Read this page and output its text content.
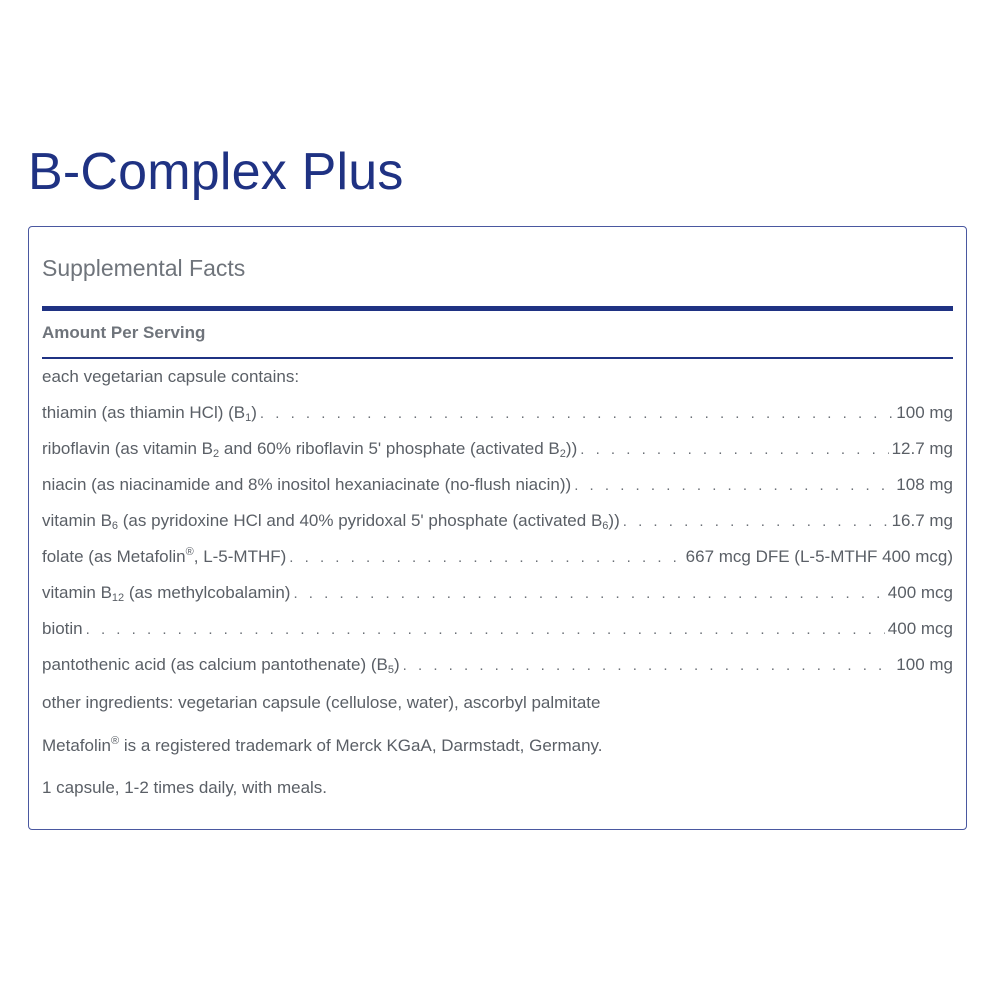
B-Complex Plus
Supplemental Facts
Amount Per Serving
each vegetarian capsule contains:
thiamin (as thiamin HCl) $(B_1)$ . . .	100 mg
riboflavin (as vitamin $B_2$ and 60% riboflavin 5' phosphate (activated $B_2$)) . . .	12.7 mg
niacin (as niacinamide and 8% inositol hexaniacinate (no-flush niacin)) . . .	108 mg
vitamin $B_6$ (as pyridoxine HCl and 40% pyridoxal 5' phosphate (activated $B_6$)) . . .	16.7 mg
folate (as Metafolin®, L-5-MTHF) . . .	667 mcg DFE (L-5-MTHF 400 mcg)
vitamin $B_{12}$ (as methylcobalamin) . . .	400 mcg
biotin . . .	400 mcg
pantothenic acid (as calcium pantothenate) $(B_5)$ . . .	100 mg
other ingredients: vegetarian capsule (cellulose, water), ascorbyl palmitate
Metafolin® is a registered trademark of Merck KGaA, Darmstadt, Germany.
1 capsule, 1-2 times daily, with meals.
